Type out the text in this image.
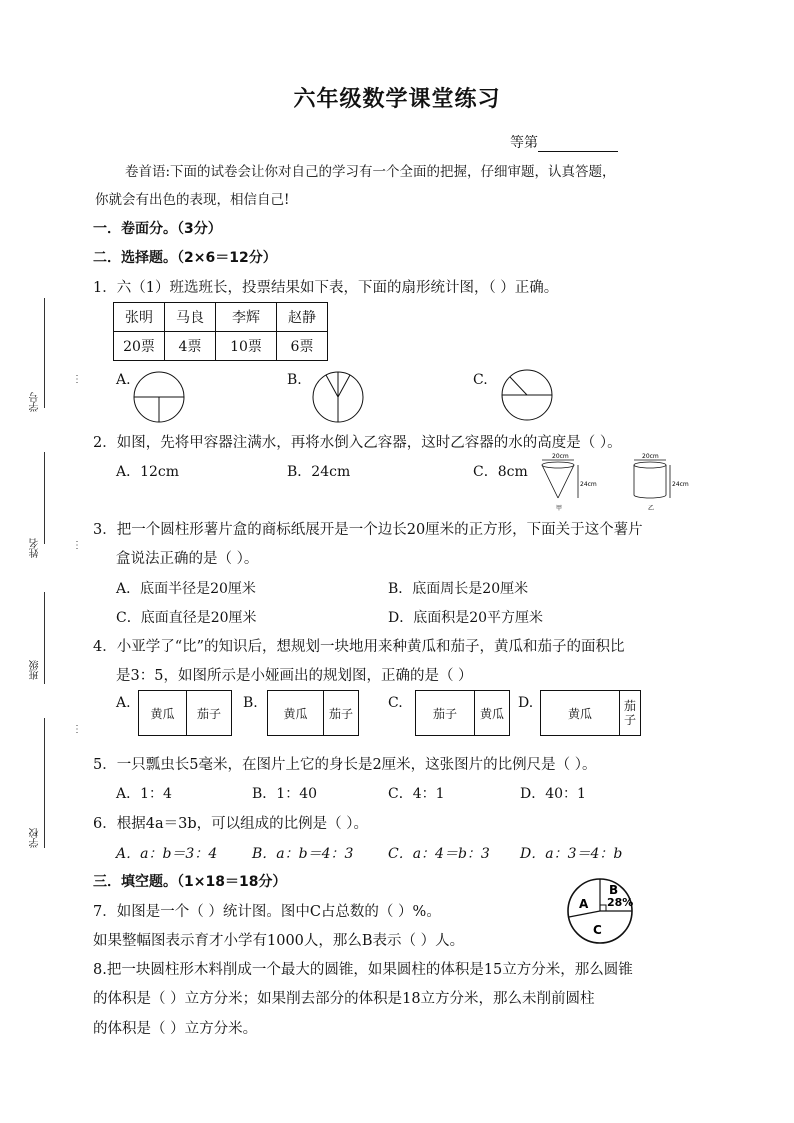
学号
⋮
姓名	⋮
班级
⋮
学校
六年级数学课堂练习
等第
卷首语:下面的试卷会让你对自己的学习有一个全面的把握，仔细审题，认真答题，
你就会有出色的表现，相信自己!
一．卷面分。（3分）
二．选择题。（2×6＝12分）
1．六（1）班选班长，投票结果如下表，下面的扇形统计图，（ ）正确。
张明	马良	李辉	赵静
20票	4票	10票	6票
A.	B.	C.
2．如图，先将甲容器注满水，再将水倒入乙容器，这时乙容器的水的高度是（ ）。
A．12cm	B．24cm	C．8cm
20cm
24cm
甲
20cm
24cm
乙
3．把一个圆柱形薯片盒的商标纸展开是一个边长20厘米的正方形，下面关于这个薯片
盒说法正确的是（ ）。
A．底面半径是20厘米	B．底面周长是20厘米
C．底面直径是20厘米	D．底面积是20平方厘米
4．小亚学了“比”的知识后，想规划一块地用来种黄瓜和茄子，黄瓜和茄子的面积比
是3：5，如图所示是小娅画出的规划图，正确的是（ ）
A.
黄瓜	茄子
B.
黄瓜	茄子
C.
茄子	黄瓜
D.
黄瓜
茄
子
5．一只瓢虫长5毫米，在图片上它的身长是2厘米，这张图片的比例尺是（ ）。
A．1：4	B．1：40	C．4：1	D．40：1
6．根据4a＝3b，可以组成的比例是（ ）。
A．a：b＝3：4 B．a：b＝4：3 C．a：4＝b：3 D．a：3＝4：b
三．填空题。（1×18＝18分）
7．如图是一个（ ）统计图。图中C占总数的（ ）%。
如果整幅图表示育才小学有1000人，那么B表示（ ）人。
A
B
28%
C
8.把一块圆柱形木料削成一个最大的圆锥，如果圆柱的体积是15立方分米，那么圆锥
的体积是（ ）立方分米；如果削去部分的体积是18立方分米，那么未削前圆柱
的体积是（ ）立方分米。
